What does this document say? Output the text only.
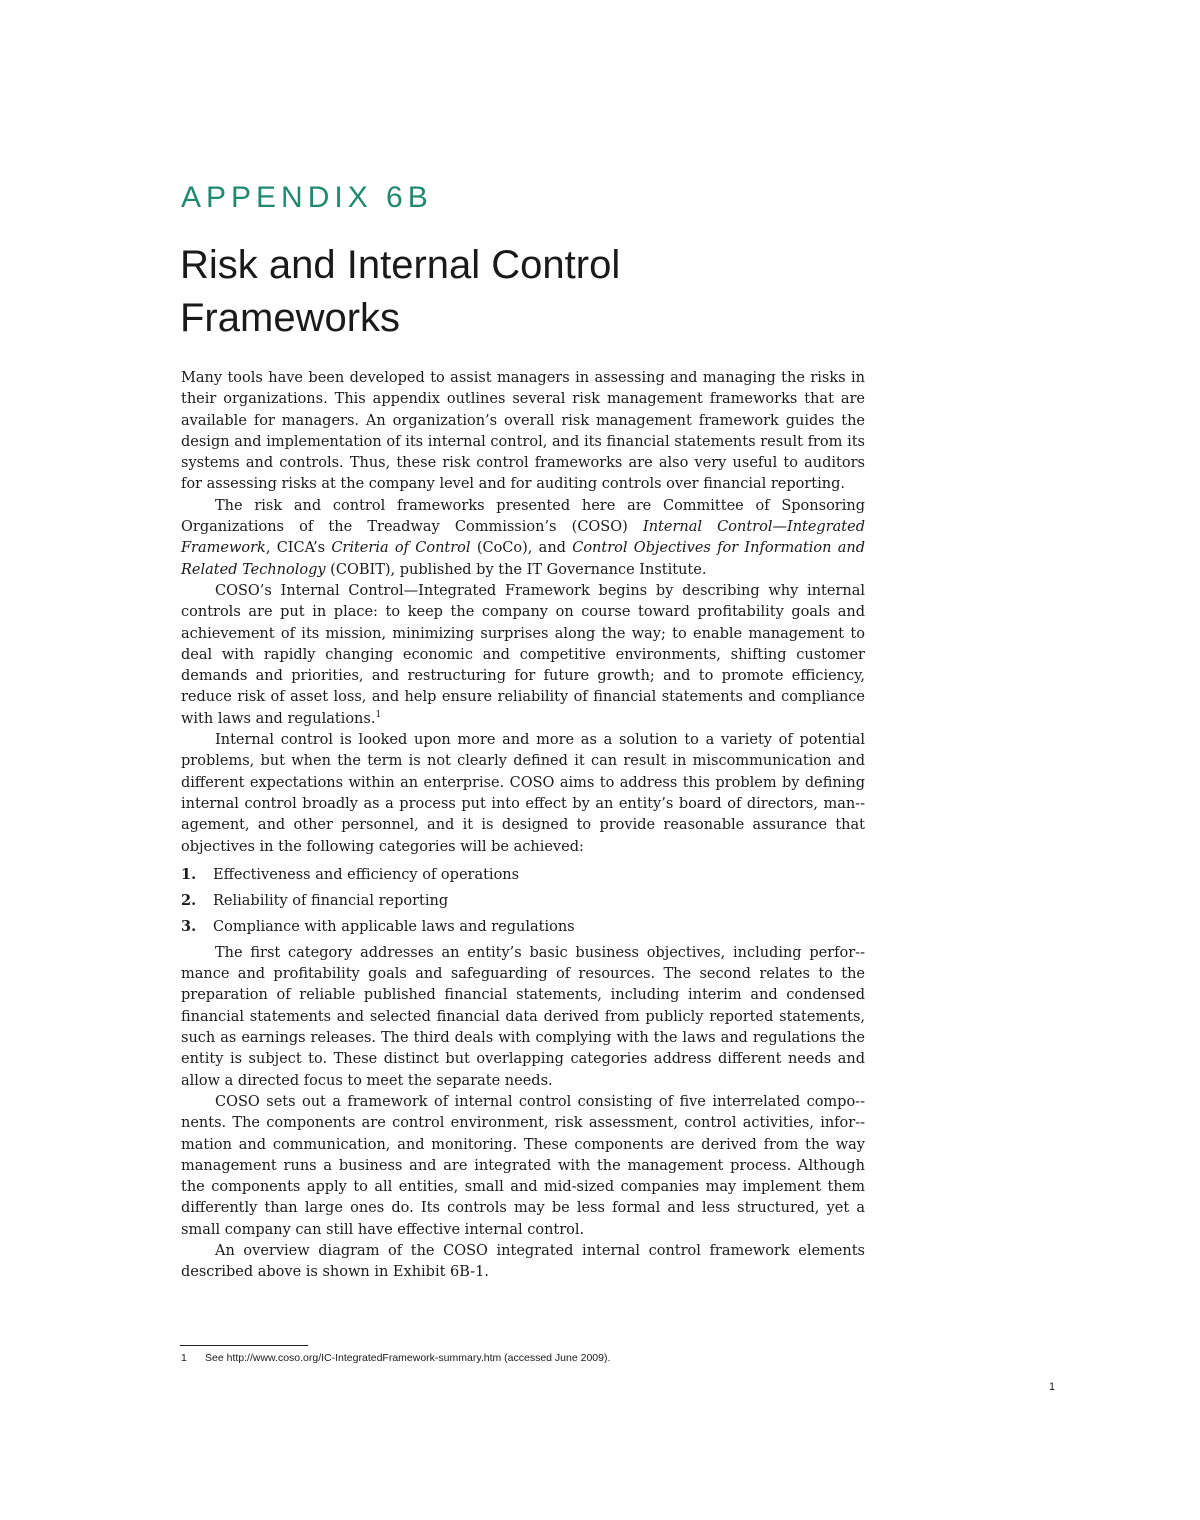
APPENDIX 6B
Risk and Internal Control
Frameworks

Many tools have been developed to assist managers in assessing and managing the risks in their organizations. This appendix outlines several risk management frameworks that are available for managers. An organization’s overall risk management framework guides the design and implementation of its internal control, and its financial statements result from its systems and controls. Thus, these risk control frameworks are also very useful to auditors for assessing risks at the company level and for auditing controls over financial reporting.

The risk and control frameworks presented here are Committee of Sponsoring Organizations of the Treadway Commission’s (COSO) Internal Control—Integrated Framework, CICA’s Criteria of Control (CoCo), and Control Objectives for Information and Related Technology (COBIT), published by the IT Governance Institute.

COSO’s Internal Control—Integrated Framework begins by describing why internal controls are put in place: to keep the company on course toward profitability goals and achievement of its mission, minimizing surprises along the way; to enable management to deal with rapidly changing economic and competitive environments, shifting customer demands and priorities, and restructuring for future growth; and to promote efficiency, reduce risk of asset loss, and help ensure reliability of financial statements and compliance with laws and regulations.$^1$

Internal control is looked upon more and more as a solution to a variety of potential problems, but when the term is not clearly defined it can result in miscommunication and different expectations within an enterprise. COSO aims to address this problem by defining internal control broadly as a process put into effect by an entity’s board of directors, man-agement, and other personnel, and it is designed to provide reasonable assurance that objectives in the following categories will be achieved:

1.	Effectiveness and efficiency of operations
2.	Reliability of financial reporting
3.	Compliance with applicable laws and regulations

The first category addresses an entity’s basic business objectives, including perfor-mance and profitability goals and safeguarding of resources. The second relates to the preparation of reliable published financial statements, including interim and condensed financial statements and selected financial data derived from publicly reported statements, such as earnings releases. The third deals with complying with the laws and regulations the entity is subject to. These distinct but overlapping categories address different needs and allow a directed focus to meet the separate needs.

COSO sets out a framework of internal control consisting of five interrelated compo-nents. The components are control environment, risk assessment, control activities, infor-mation and communication, and monitoring. These components are derived from the way management runs a business and are integrated with the management process. Although the components apply to all entities, small and mid-sized companies may implement them differently than large ones do. Its controls may be less formal and less structured, yet a small company can still have effective internal control.

An overview diagram of the COSO integrated internal control framework elements described above is shown in Exhibit 6B-1.

1 See http://www.coso.org/IC-IntegratedFramework-summary.htm (accessed June 2009).
1
